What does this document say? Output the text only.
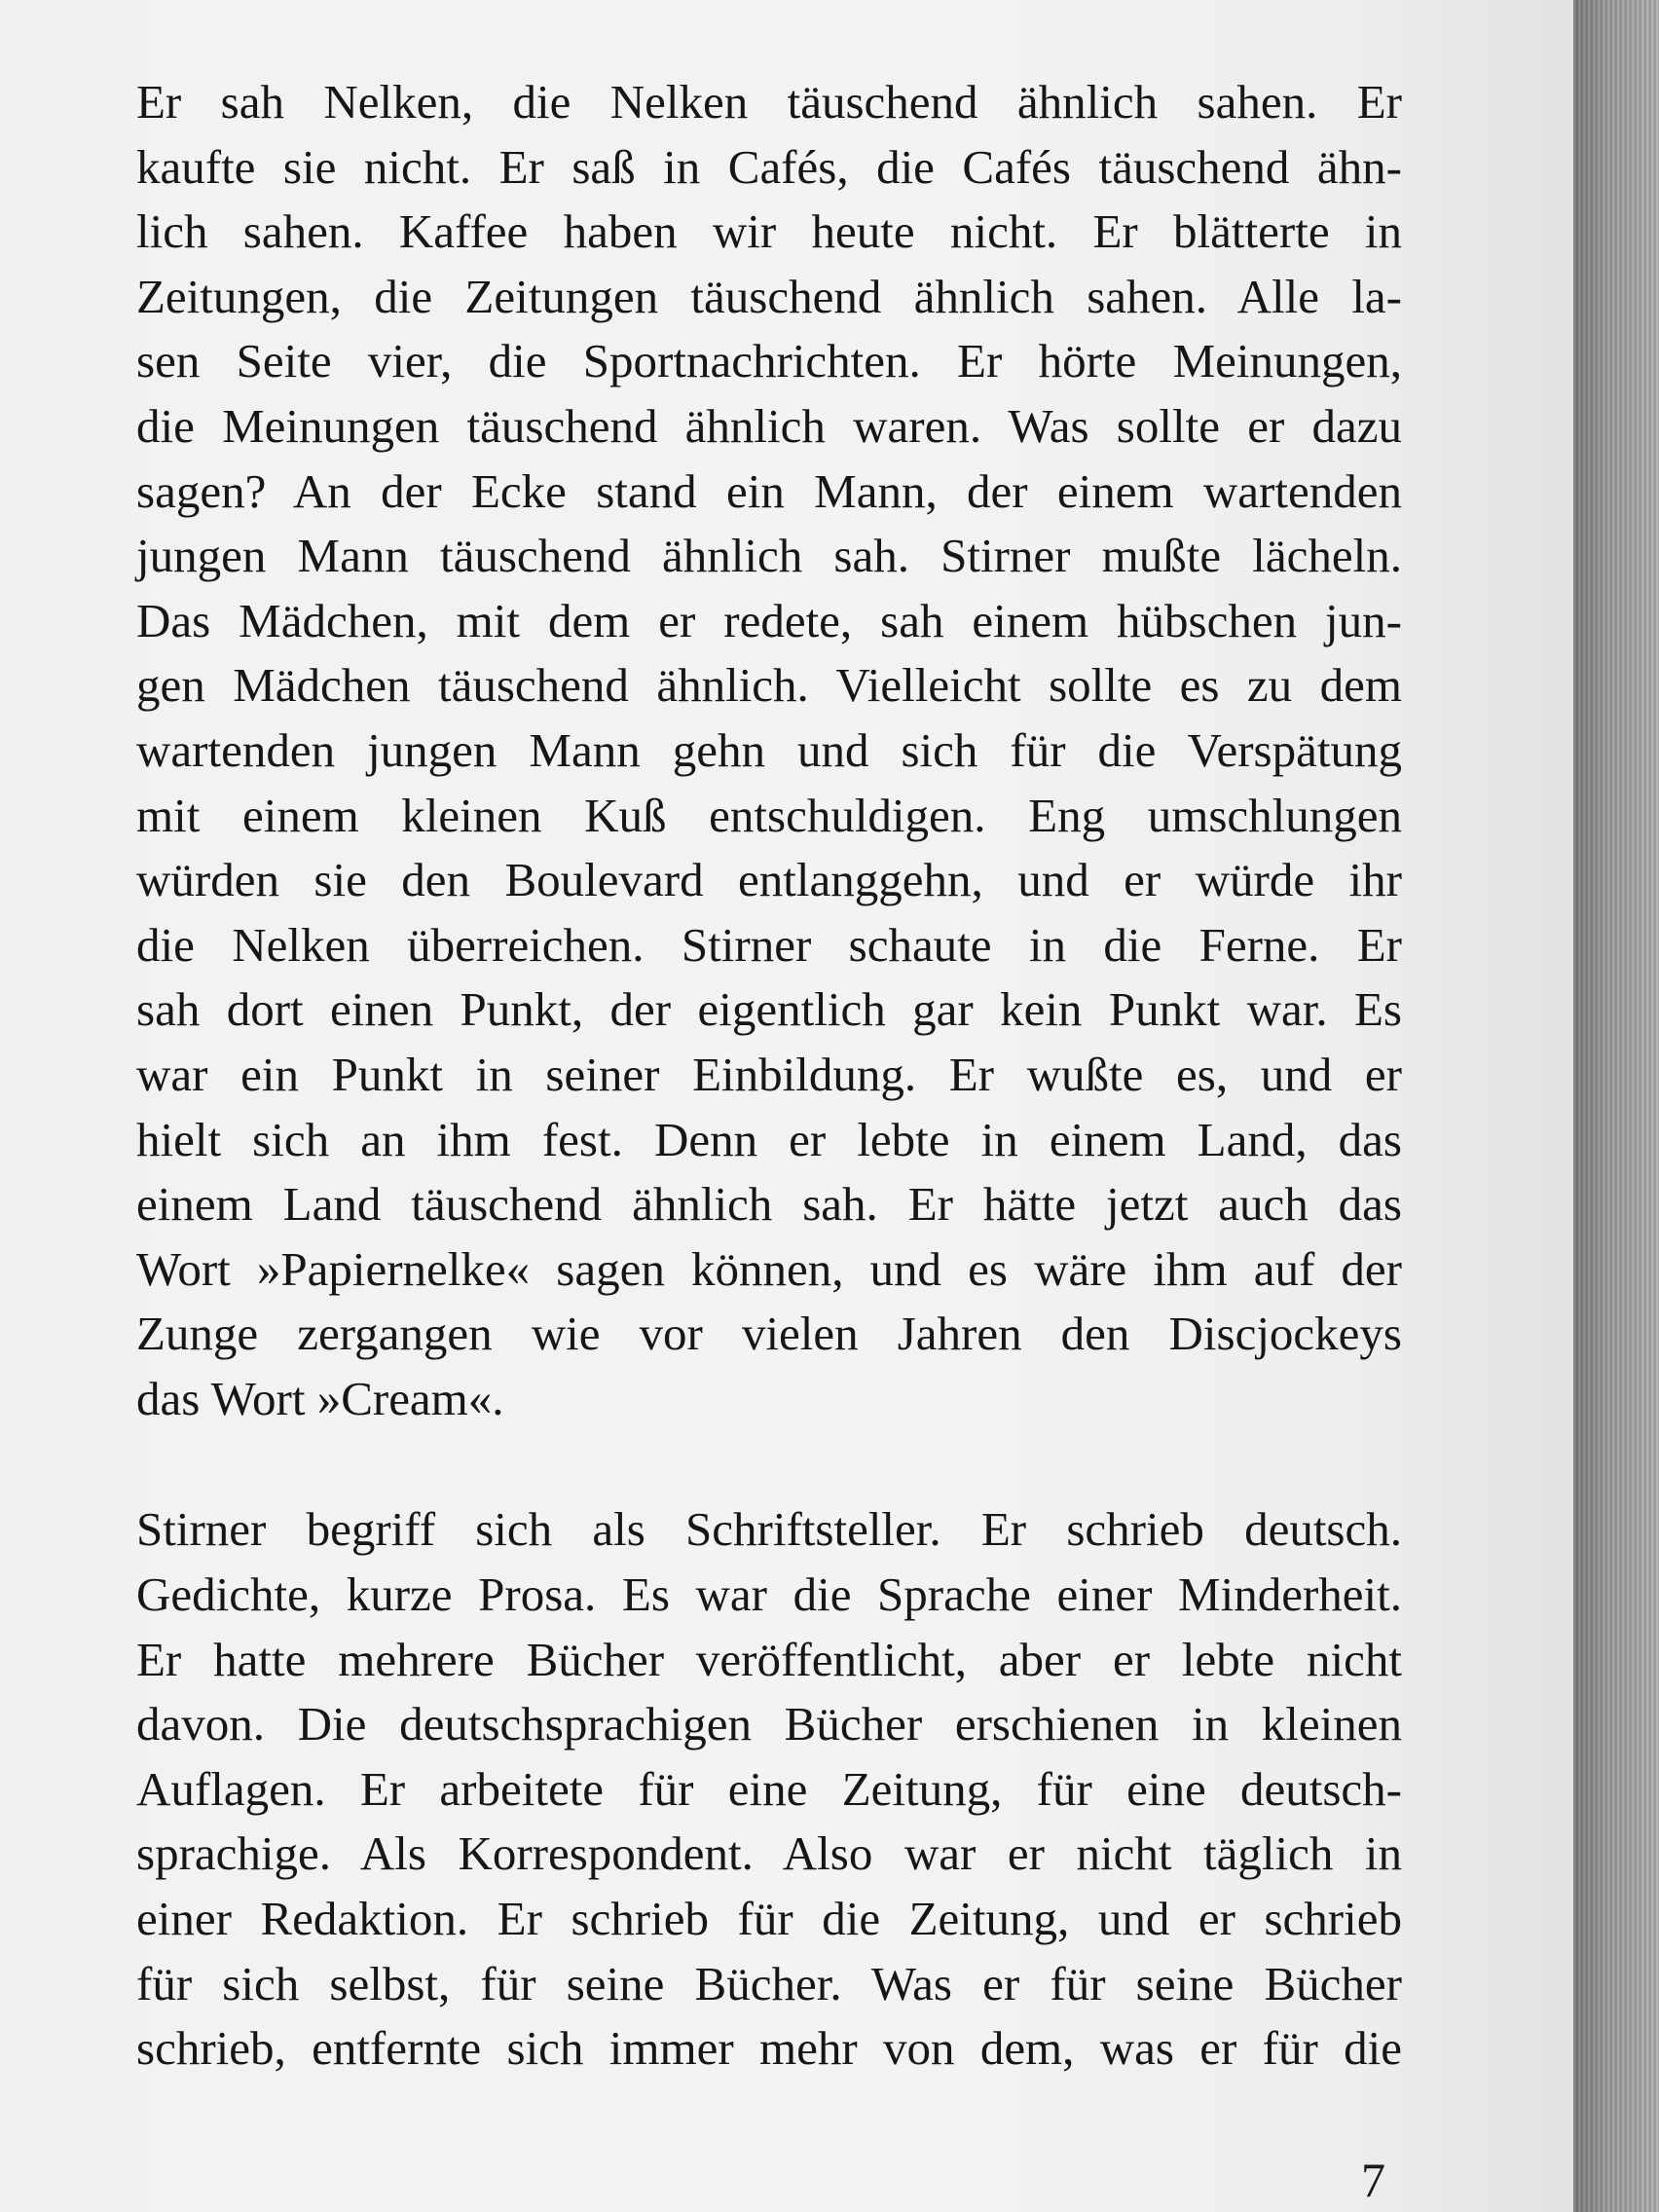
Er sah Nelken, die Nelken täuschend ähnlich sahen. Er
kaufte sie nicht. Er saß in Cafés, die Cafés täuschend ähn-
lich sahen. Kaffee haben wir heute nicht. Er blätterte in
Zeitungen, die Zeitungen täuschend ähnlich sahen. Alle la-
sen Seite vier, die Sportnachrichten. Er hörte Meinungen,
die Meinungen täuschend ähnlich waren. Was sollte er dazu
sagen? An der Ecke stand ein Mann, der einem wartenden
jungen Mann täuschend ähnlich sah. Stirner mußte lächeln.
Das Mädchen, mit dem er redete, sah einem hübschen jun-
gen Mädchen täuschend ähnlich. Vielleicht sollte es zu dem
wartenden jungen Mann gehn und sich für die Verspätung
mit einem kleinen Kuß entschuldigen. Eng umschlungen
würden sie den Boulevard entlanggehn, und er würde ihr
die Nelken überreichen. Stirner schaute in die Ferne. Er
sah dort einen Punkt, der eigentlich gar kein Punkt war. Es
war ein Punkt in seiner Einbildung. Er wußte es, und er
hielt sich an ihm fest. Denn er lebte in einem Land, das
einem Land täuschend ähnlich sah. Er hätte jetzt auch das
Wort »Papiernelke« sagen können, und es wäre ihm auf der
Zunge zergangen wie vor vielen Jahren den Discjockeys
das Wort »Cream«.

Stirner begriff sich als Schriftsteller. Er schrieb deutsch.
Gedichte, kurze Prosa. Es war die Sprache einer Minderheit.
Er hatte mehrere Bücher veröffentlicht, aber er lebte nicht
davon. Die deutschsprachigen Bücher erschienen in kleinen
Auflagen. Er arbeitete für eine Zeitung, für eine deutsch-
sprachige. Als Korrespondent. Also war er nicht täglich in
einer Redaktion. Er schrieb für die Zeitung, und er schrieb
für sich selbst, für seine Bücher. Was er für seine Bücher
schrieb, entfernte sich immer mehr von dem, was er für die

7
